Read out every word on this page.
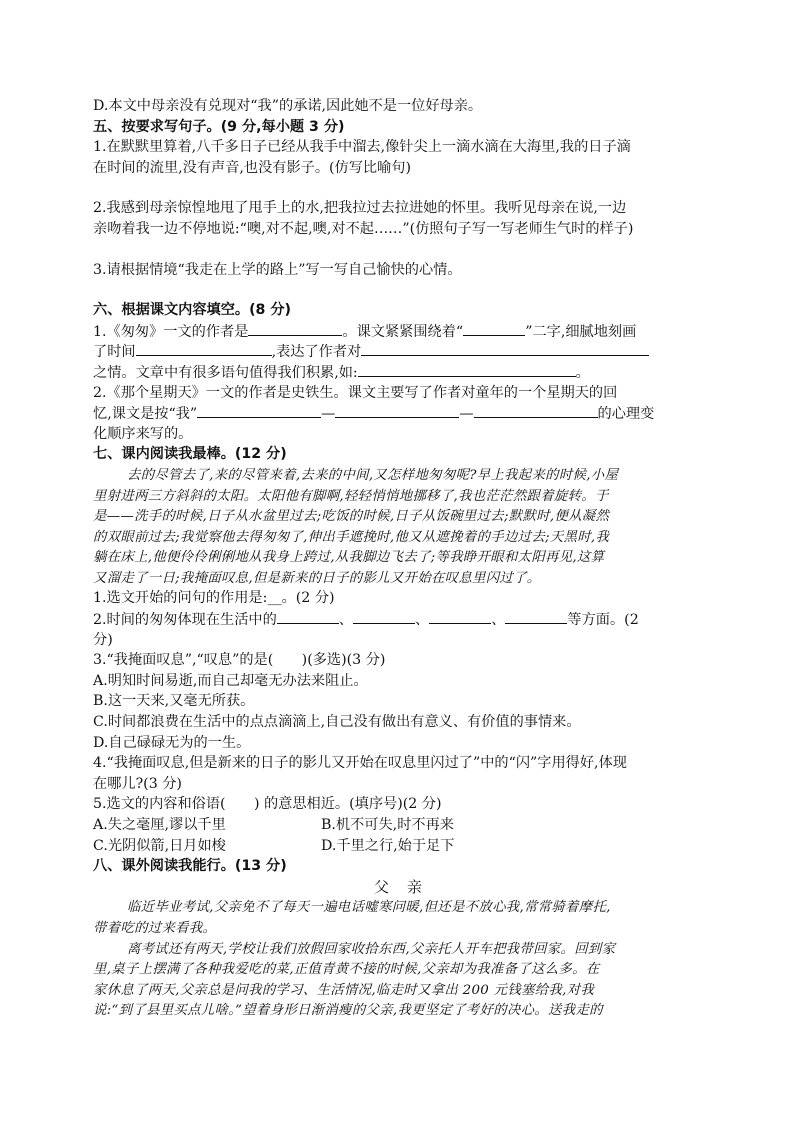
D.本文中母亲没有兑现对“我”的承诺,因此她不是一位好母亲。
五、按要求写句子。(9 分,每小题 3 分)
1.在默默里算着,八千多日子已经从我手中溜去,像针尖上一滴水滴在大海里,我的日子滴
在时间的流里,没有声音,也没有影子。(仿写比喻句)
2.我感到母亲惊惶地甩了甩手上的水,把我拉过去拉进她的怀里。我听见母亲在说,一边
亲吻着我一边不停地说:“噢,对不起,噢,对不起……”(仿照句子写一写老师生气时的样子)
3.请根据情境“我走在上学的路上”写一写自己愉快的心情。
六、根据课文内容填空。(8 分)
1.《匆匆》一文的作者是	。课文紧紧围绕着“	”二字,细腻地刻画
了时间	,表达了作者对
之情。文章中有很多语句值得我们积累,如:	。
2.《那个星期天》一文的作者是史铁生。课文主要写了作者对童年的一个星期天的回
忆,课文是按“我”	—	—	的心理变
化顺序来写的。
七、课内阅读我最棒。(12 分)
去的尽管去了,来的尽管来着,去来的中间,又怎样地匆匆呢?早上我起来的时候,小屋
里射进两三方斜斜的太阳。太阳他有脚啊,轻轻悄悄地挪移了,我也茫茫然跟着旋转。于
是——洗手的时候,日子从水盆里过去;吃饭的时候,日子从饭碗里过去;默默时,便从凝然
的双眼前过去;我觉察他去得匆匆了,伸出手遮挽时,他又从遮挽着的手边过去;天黑时,我
躺在床上,他便伶伶俐俐地从我身上跨过,从我脚边飞去了;等我睁开眼和太阳再见,这算
又溜走了一日;我掩面叹息,但是新来的日子的影儿又开始在叹息里闪过了。
1.选文开始的问句的作用是:__。(2 分)
2.时间的匆匆体现在生活中的	、	、	、	等方面。(2
分)
3.“我掩面叹息”,“叹息”的是(　　)(多选)(3 分)
A.明知时间易逝,而自己却毫无办法来阻止。
B.这一天来,又毫无所获。
C.时间都浪费在生活中的点点滴滴上,自己没有做出有意义、有价值的事情来。
D.自己碌碌无为的一生。
4.“我掩面叹息,但是新来的日子的影儿又开始在叹息里闪过了”中的“闪”字用得好,体现
在哪儿?(3 分)
5.选文的内容和俗语(　　) 的意思相近。(填序号)(2 分)
A.失之毫厘,谬以千里	B.机不可失,时不再来
C.光阴似箭,日月如梭	D.千里之行,始于足下
八、课外阅读我能行。(13 分)
父亲
临近毕业考试,父亲免不了每天一遍电话嘘寒问暖,但还是不放心我,常常骑着摩托,
带着吃的过来看我。
离考试还有两天,学校让我们放假回家收拾东西,父亲托人开车把我带回家。回到家
里,桌子上摆满了各种我爱吃的菜,正值青黄不接的时候,父亲却为我准备了这么多。在
家休息了两天,父亲总是问我的学习、生活情况,临走时又拿出 200 元钱塞给我,对我
说:“到了县里买点儿啥。”望着身形日渐消瘦的父亲,我更坚定了考好的决心。送我走的
